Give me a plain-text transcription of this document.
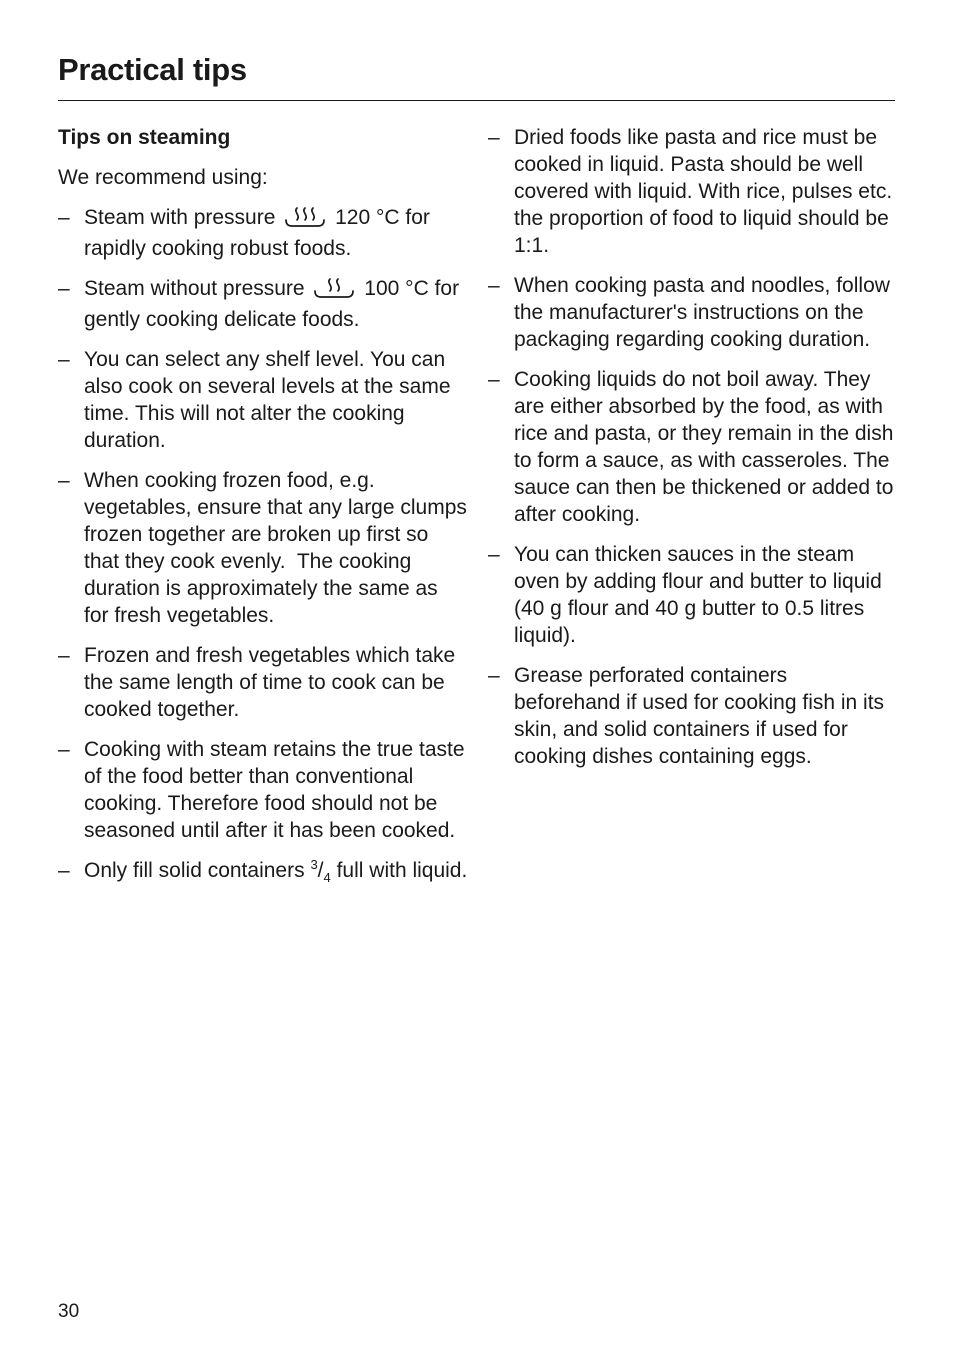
Practical tips
Tips on steaming

We recommend using:

– Steam with pressure	120 °C for rapidly cooking robust foods.
– Steam without pressure	100 °C for gently cooking delicate foods.
– You can select any shelf level. You can also cook on several levels at the same time. This will not alter the cooking duration.
– When cooking frozen food, e.g. vegetables, ensure that any large clumps frozen together are broken up first so that they cook evenly.  The cooking duration is approximately the same as for fresh vegetables.
– Frozen and fresh vegetables which take the same length of time to cook can be cooked together.
– Cooking with steam retains the true taste of the food better than conventional cooking. Therefore food should not be seasoned until after it has been cooked.
– Only fill solid containers $^3/_4$ full with liquid.
– Dried foods like pasta and rice must be cooked in liquid. Pasta should be well covered with liquid. With rice, pulses etc. the proportion of food to liquid should be 1:1.
– When cooking pasta and noodles, follow the manufacturer's instructions on the packaging regarding cooking duration.
– Cooking liquids do not boil away. They are either absorbed by the food, as with rice and pasta, or they remain in the dish to form a sauce, as with casseroles. The sauce can then be thickened or added to after cooking.
– You can thicken sauces in the steam oven by adding flour and butter to liquid (40 g flour and 40 g butter to 0.5 litres liquid).
– Grease perforated containers beforehand if used for cooking fish in its skin, and solid containers if used for cooking dishes containing eggs.
30
